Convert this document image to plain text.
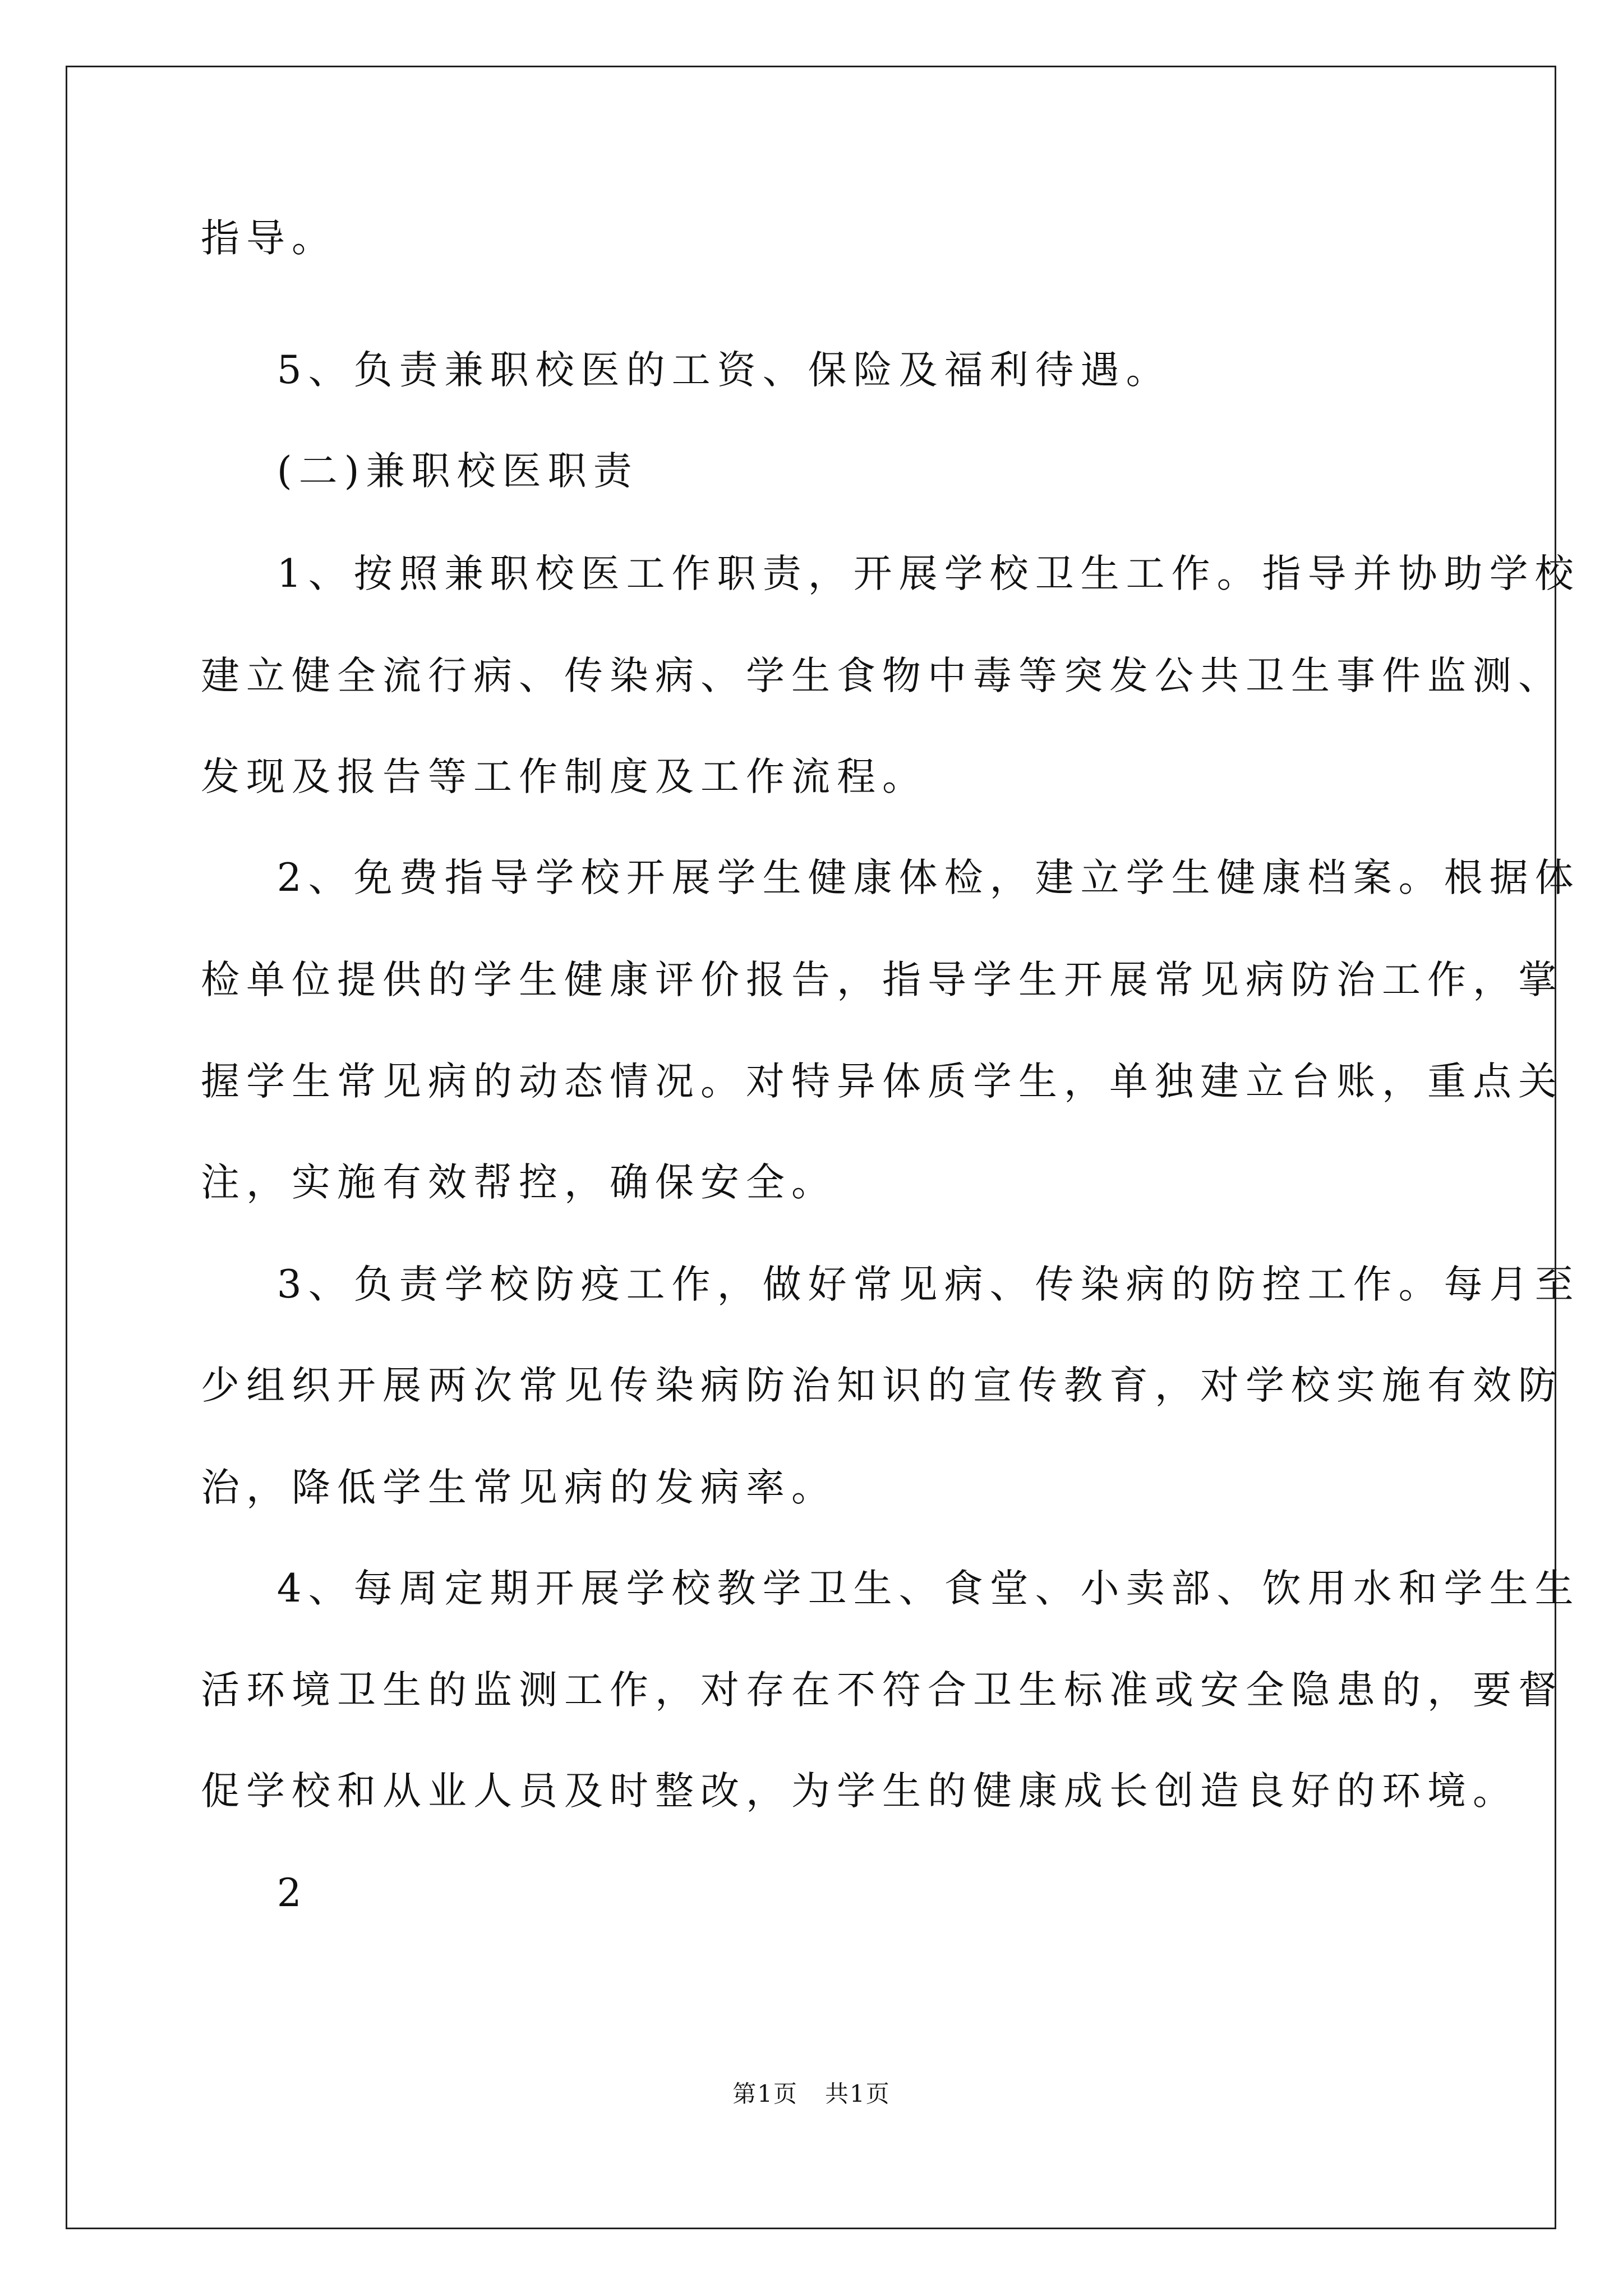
指导。
5、负责兼职校医的工资、保险及福利待遇。
(二)兼职校医职责
1、按照兼职校医工作职责，开展学校卫生工作。指导并协助学校
建立健全流行病、传染病、学生食物中毒等突发公共卫生事件监测、
发现及报告等工作制度及工作流程。
2、免费指导学校开展学生健康体检，建立学生健康档案。根据体
检单位提供的学生健康评价报告，指导学生开展常见病防治工作，掌
握学生常见病的动态情况。对特异体质学生，单独建立台账，重点关
注，实施有效帮控，确保安全。
3、负责学校防疫工作，做好常见病、传染病的防控工作。每月至
少组织开展两次常见传染病防治知识的宣传教育，对学校实施有效防
治，降低学生常见病的发病率。
4、每周定期开展学校教学卫生、食堂、小卖部、饮用水和学生生
活环境卫生的监测工作，对存在不符合卫生标准或安全隐患的，要督
促学校和从业人员及时整改，为学生的健康成长创造良好的环境。
2
第1页 共1页
